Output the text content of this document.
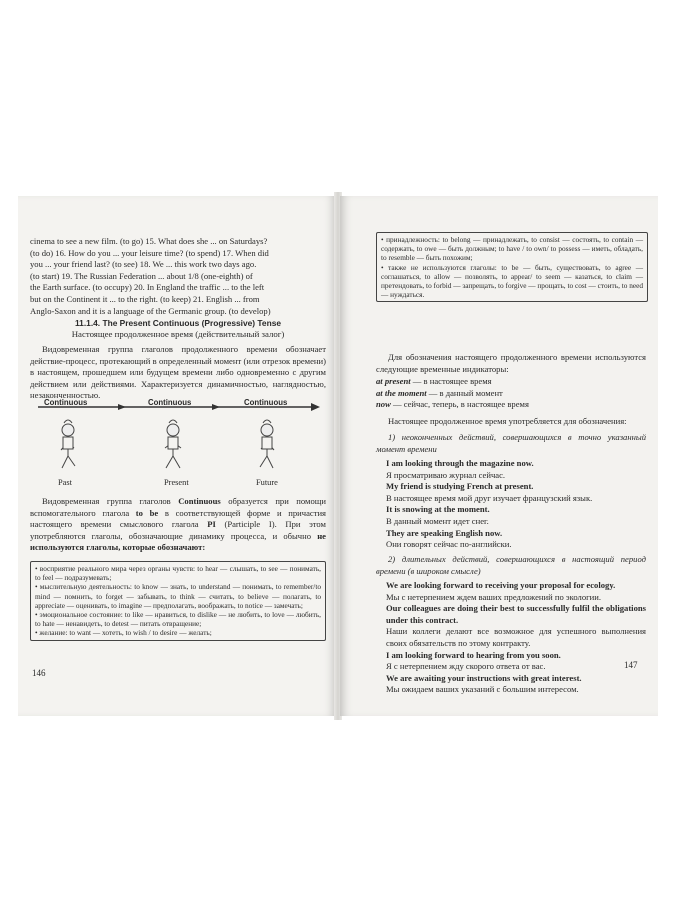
cinema to see a new film. (to go) 15. What does she ... on Saturdays?

(to do) 16. How do you ... your leisure time? (to spend) 17. When did

you ... your friend last? (to see) 18. We ... this work two days ago.

(to start) 19. The Russian Federation ... about 1/8 (one-eighth) of

the Earth surface. (to occupy) 20. In England the traffic ... to the left

but on the Continent it ... to the right. (to keep) 21. English ... from

Anglo-Saxon and it is a language of the Germanic group. (to develop)

11.1.4. The Present Continuous (Progressive) Tense
Настоящее продолженное время (действительный залог)
Видовременная группа глаголов продолженного времени обозначает действие-процесс, протекающий в определенный момент (или отрезок времени) в настоящем, прошедшем или будущем времени либо одновременно с другим действием или действиями. Характеризуется динамичностью, наглядностью, незаконченностью.
Continuous	Continuous	Continuous
Past	Present	Future
Видовременная группа глаголов Continuous образуется при помощи вспомогательного глагола to be в соответствующей форме и причастия настоящего времени смыслового глагола PI (Participle I). При этом употребляются глаголы, обозначающие динамику процесса, и обычно не используются глаголы, которые обозначают:

• восприятие реального мира через органы чувств: to hear — слышать, to see — понимать, to feel — подразумевать;

• мыслительную деятельность: to know — знать, to understand — понимать, to remember/to mind — помнить, to forget — забывать, to think — считать, to believe — полагать, to appreciate — оценивать, to imagine — предполагать, воображать, to notice — замечать;

• эмоциональное состояние: to like — нравиться, to dislike — не любить, to love — любить, to hate — ненавидеть, to detest — питать отвращение;

• желание: to want — хотеть, to wish / to desire — желать;

146

• принадлежность: to belong — принадлежать, to consist — состоять, to contain — содержать, to owe — быть должным; to have / to own/ to possess — иметь, обладать, to resemble — быть похожим;

• также не используются глаголы: to be — быть, существовать, to agree — соглашаться, to allow — позволять, to appear/ to seem — казаться, to claim — претендовать, to forbid — запрещать, to forgive — прощать, to cost — стоить, to need — нуждаться.

Для обозначения настоящего продолженного времени используются следующие временные индикаторы:

at present — в настоящее время

at the moment — в данный момент

now — сейчас, теперь, в настоящее время

Настоящее продолженное время употребляется для обозначения:
1) неоконченных действий, совершающихся в точно указанный момент времени

I am looking through the magazine now.

Я просматриваю журнал сейчас.

My friend is studying French at present.

В настоящее время мой друг изучает французский язык.

It is snowing at the moment.

В данный момент идет снег.

They are speaking English now.

Они говорят сейчас по-английски.

2) длительных действий, совершающихся в настоящий период времени (в широком смысле)

We are looking forward to receiving your proposal for ecology.

Мы с нетерпением ждем ваших предложений по экологии.

Our colleagues are doing their best to successfully fulfil the obligations under this contract.

Наши коллеги делают все возможное для успешного выполнения своих обязательств по этому контракту.

I am looking forward to hearing from you soon.

Я с нетерпением жду скорого ответа от вас.

We are awaiting your instructions with great interest.

Мы ожидаем ваших указаний с большим интересом.

147
